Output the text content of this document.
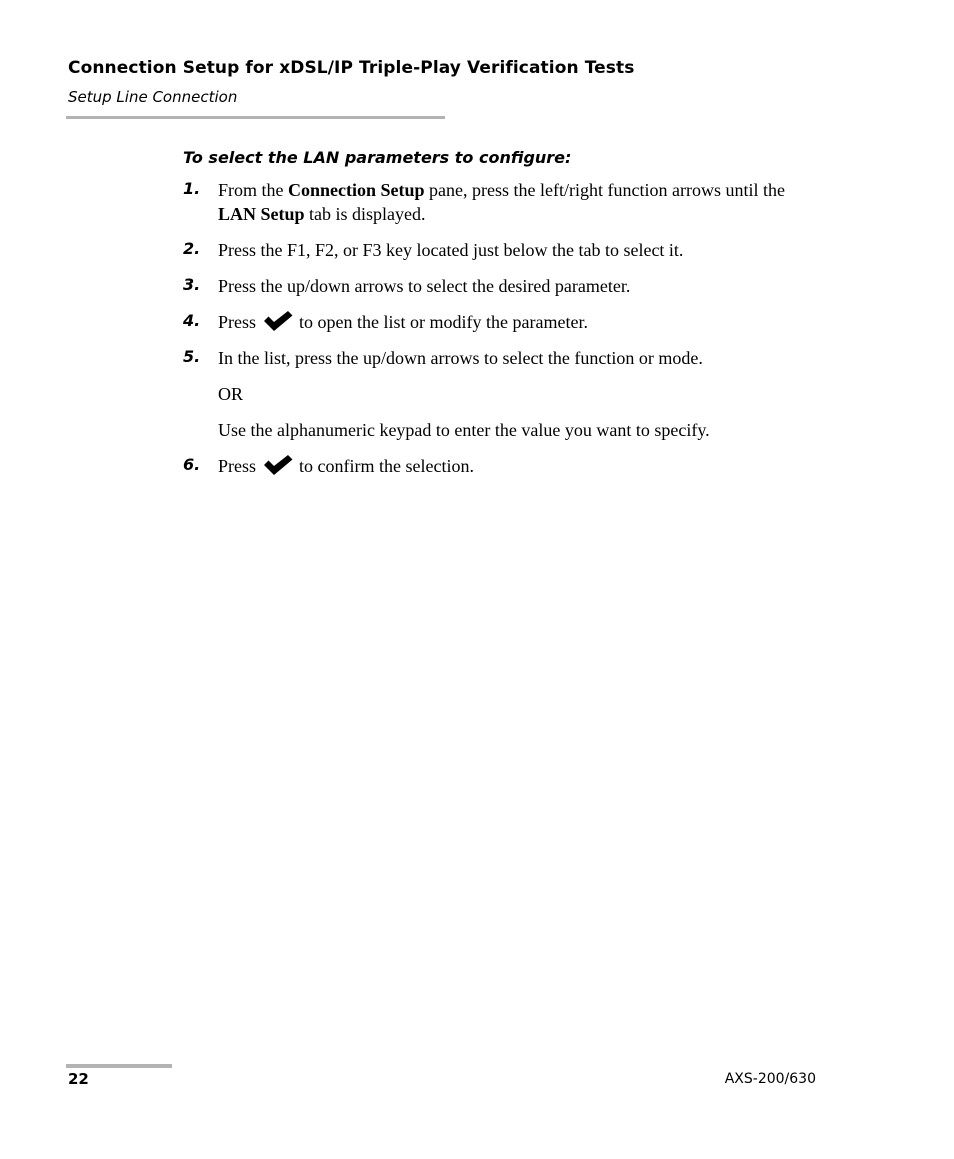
Connection Setup for xDSL/IP Triple-Play Verification Tests
Setup Line Connection
To select the LAN parameters to configure:
1. From the Connection Setup pane, press the left/right function arrows until the LAN Setup tab is displayed.
2. Press the F1, F2, or F3 key located just below the tab to select it.
3. Press the up/down arrows to select the desired parameter.
4. Press to open the list or modify the parameter.
5. In the list, press the up/down arrows to select the function or mode.
OR
Use the alphanumeric keypad to enter the value you want to specify.
6. Press to confirm the selection.
22	AXS-200/630
